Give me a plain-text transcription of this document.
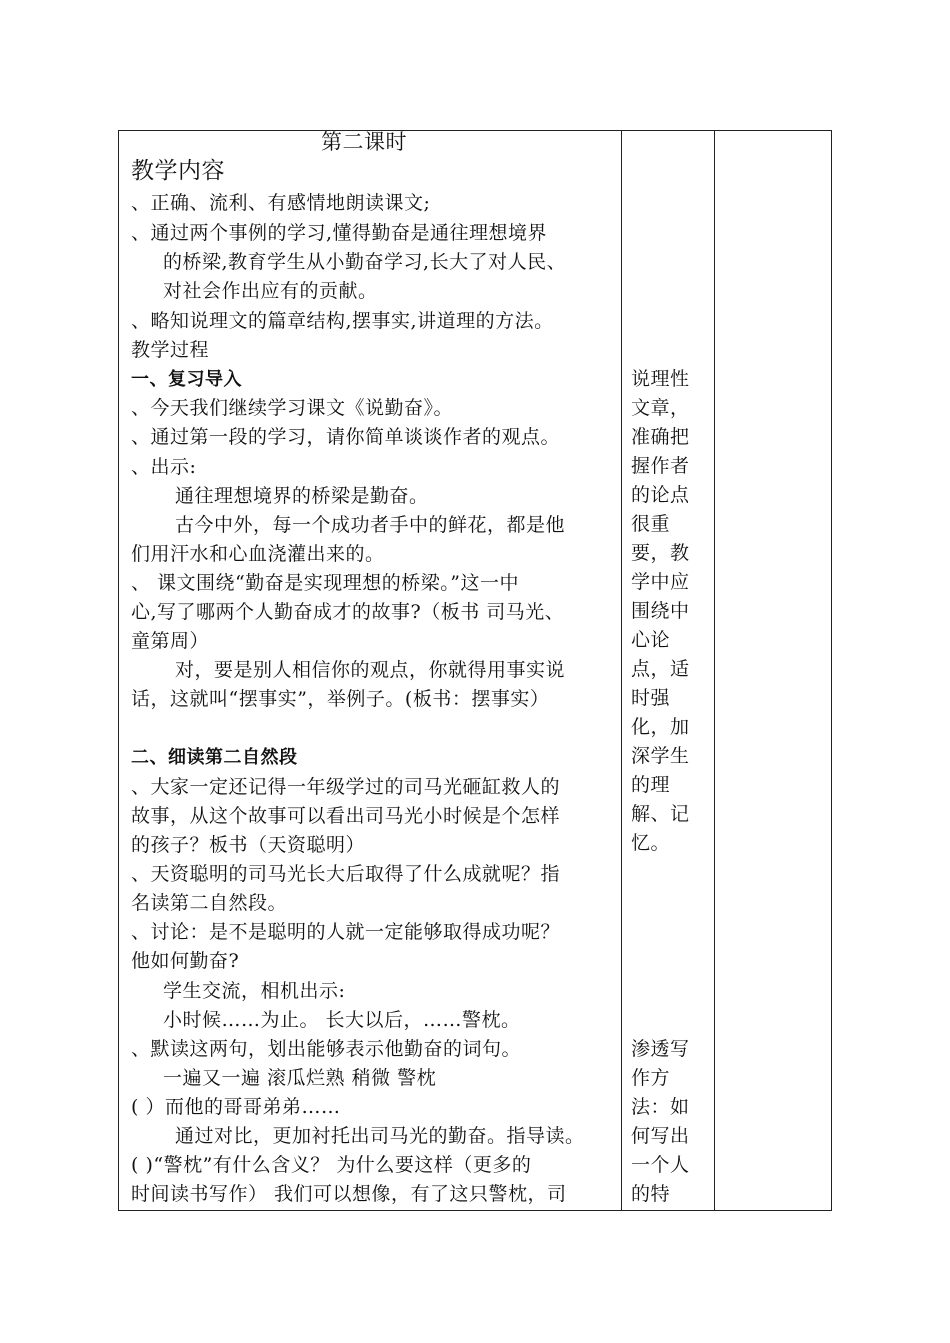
第二课时
教学内容
、正确、流利、有感情地朗读课文;
、通过两个事例的学习,懂得勤奋是通往理想境界
的桥梁,教育学生从小勤奋学习,长大了对人民、
对社会作出应有的贡献。
、略知说理文的篇章结构,摆事实,讲道理的方法。
教学过程
一、复习导入
、今天我们继续学习课文《说勤奋》。
、通过第一段的学习，请你简单谈谈作者的观点。
、出示:
通往理想境界的桥梁是勤奋。
古今中外，每一个成功者手中的鲜花，都是他
们用汗水和心血浇灌出来的。
、 课文围绕“勤奋是实现理想的桥梁。”这一中
心,写了哪两个人勤奋成才的故事?（板书 司马光、
童第周）
对，要是别人相信你的观点，你就得用事实说
话，这就叫“摆事实”，举例子。(板书：摆事实）
二、细读第二自然段
、大家一定还记得一年级学过的司马光砸缸救人的
故事，从这个故事可以看出司马光小时候是个怎样
的孩子？板书（天资聪明）
、天资聪明的司马光长大后取得了什么成就呢？指
名读第二自然段。
、讨论：是不是聪明的人就一定能够取得成功呢？
他如何勤奋?
学生交流，相机出示:
小时候……为止。 长大以后，……警枕。
、默读这两句，划出能够表示他勤奋的词句。
一遍又一遍 滚瓜烂熟 稍微 警枕
( ）而他的哥哥弟弟……
通过对比，更加衬托出司马光的勤奋。指导读。
( )“警枕”有什么含义？ 为什么要这样（更多的
时间读书写作） 我们可以想像，有了这只警枕，司
说理性
文章，
准确把
握作者
的论点
很重
要，教
学中应
围绕中
心论
点，适
时强
化，加
深学生
的理
解、记
忆。
渗透写
作方
法：如
何写出
一个人
的特
